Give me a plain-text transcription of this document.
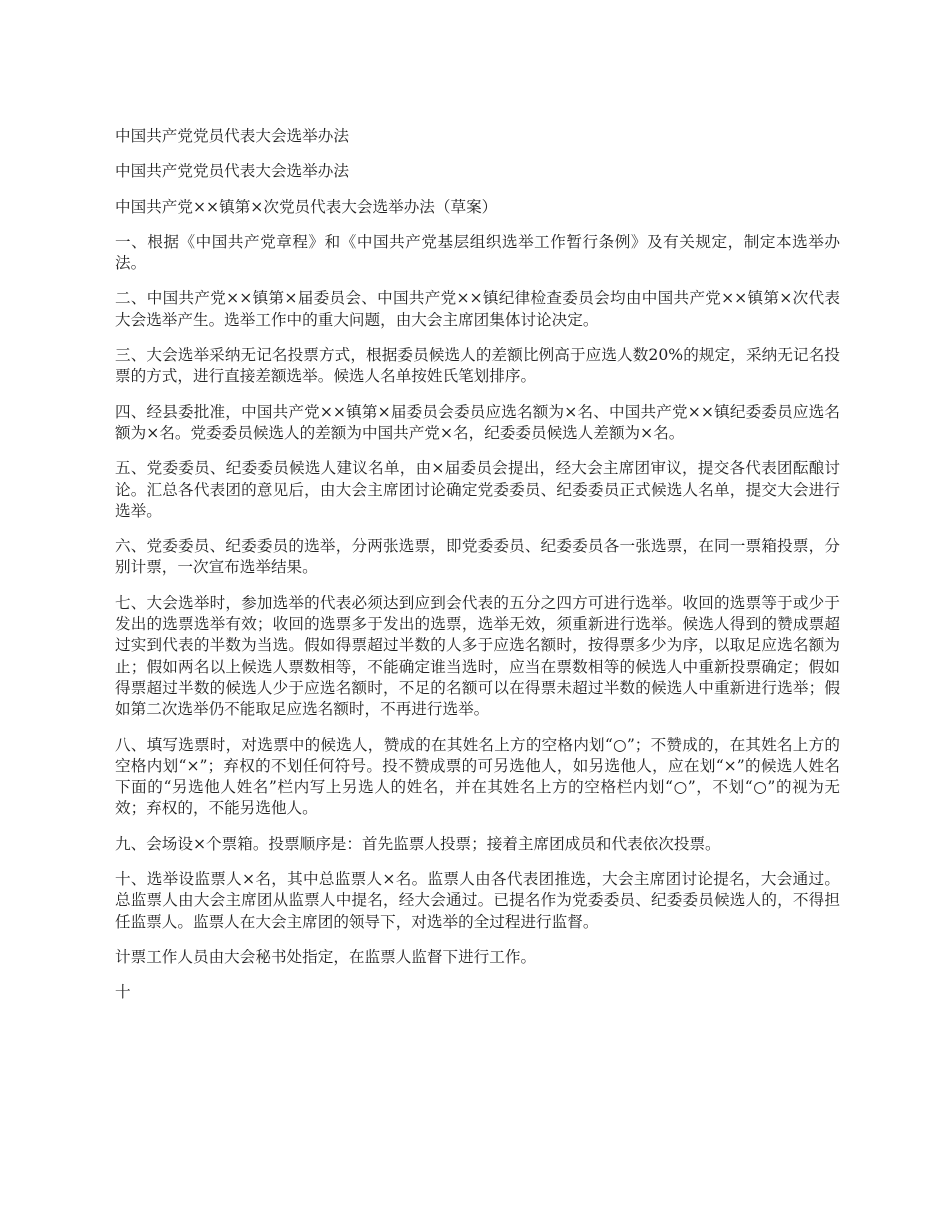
中国共产党党员代表大会选举办法

中国共产党党员代表大会选举办法

中国共产党××镇第×次党员代表大会选举办法（草案）

一、根据《中国共产党章程》和《中国共产党基层组织选举工作暂行条例》及有关规定，制定本选举办法。

二、中国共产党××镇第×届委员会、中国共产党××镇纪律检查委员会均由中国共产党××镇第×次代表大会选举产生。选举工作中的重大问题，由大会主席团集体讨论决定。

三、大会选举采纳无记名投票方式，根据委员候选人的差额比例高于应选人数20%的规定，采纳无记名投票的方式，进行直接差额选举。候选人名单按姓氏笔划排序。

四、经县委批准，中国共产党××镇第×届委员会委员应选名额为×名、中国共产党××镇纪委委员应选名额为×名。党委委员候选人的差额为中国共产党×名，纪委委员候选人差额为×名。

五、党委委员、纪委委员候选人建议名单，由×届委员会提出，经大会主席团审议，提交各代表团酝酿讨论。汇总各代表团的意见后，由大会主席团讨论确定党委委员、纪委委员正式候选人名单，提交大会进行选举。

六、党委委员、纪委委员的选举，分两张选票，即党委委员、纪委委员各一张选票，在同一票箱投票，分别计票，一次宣布选举结果。

七、大会选举时，参加选举的代表必须达到应到会代表的五分之四方可进行选举。收回的选票等于或少于发出的选票选举有效；收回的选票多于发出的选票，选举无效，须重新进行选举。候选人得到的赞成票超过实到代表的半数为当选。假如得票超过半数的人多于应选名额时，按得票多少为序，以取足应选名额为止；假如两名以上候选人票数相等，不能确定谁当选时，应当在票数相等的候选人中重新投票确定；假如得票超过半数的候选人少于应选名额时，不足的名额可以在得票未超过半数的候选人中重新进行选举；假如第二次选举仍不能取足应选名额时，不再进行选举。

八、填写选票时，对选票中的候选人，赞成的在其姓名上方的空格内划“○”；不赞成的，在其姓名上方的空格内划“×”；弃权的不划任何符号。投不赞成票的可另选他人，如另选他人，应在划“×”的候选人姓名下面的“另选他人姓名”栏内写上另选人的姓名，并在其姓名上方的空格栏内划“○”，不划“○”的视为无效；弃权的，不能另选他人。

九、会场设×个票箱。投票顺序是：首先监票人投票；接着主席团成员和代表依次投票。

十、选举设监票人×名，其中总监票人×名。监票人由各代表团推选，大会主席团讨论提名，大会通过。总监票人由大会主席团从监票人中提名，经大会通过。已提名作为党委委员、纪委委员候选人的，不得担任监票人。监票人在大会主席团的领导下，对选举的全过程进行监督。

计票工作人员由大会秘书处指定，在监票人监督下进行工作。

十
